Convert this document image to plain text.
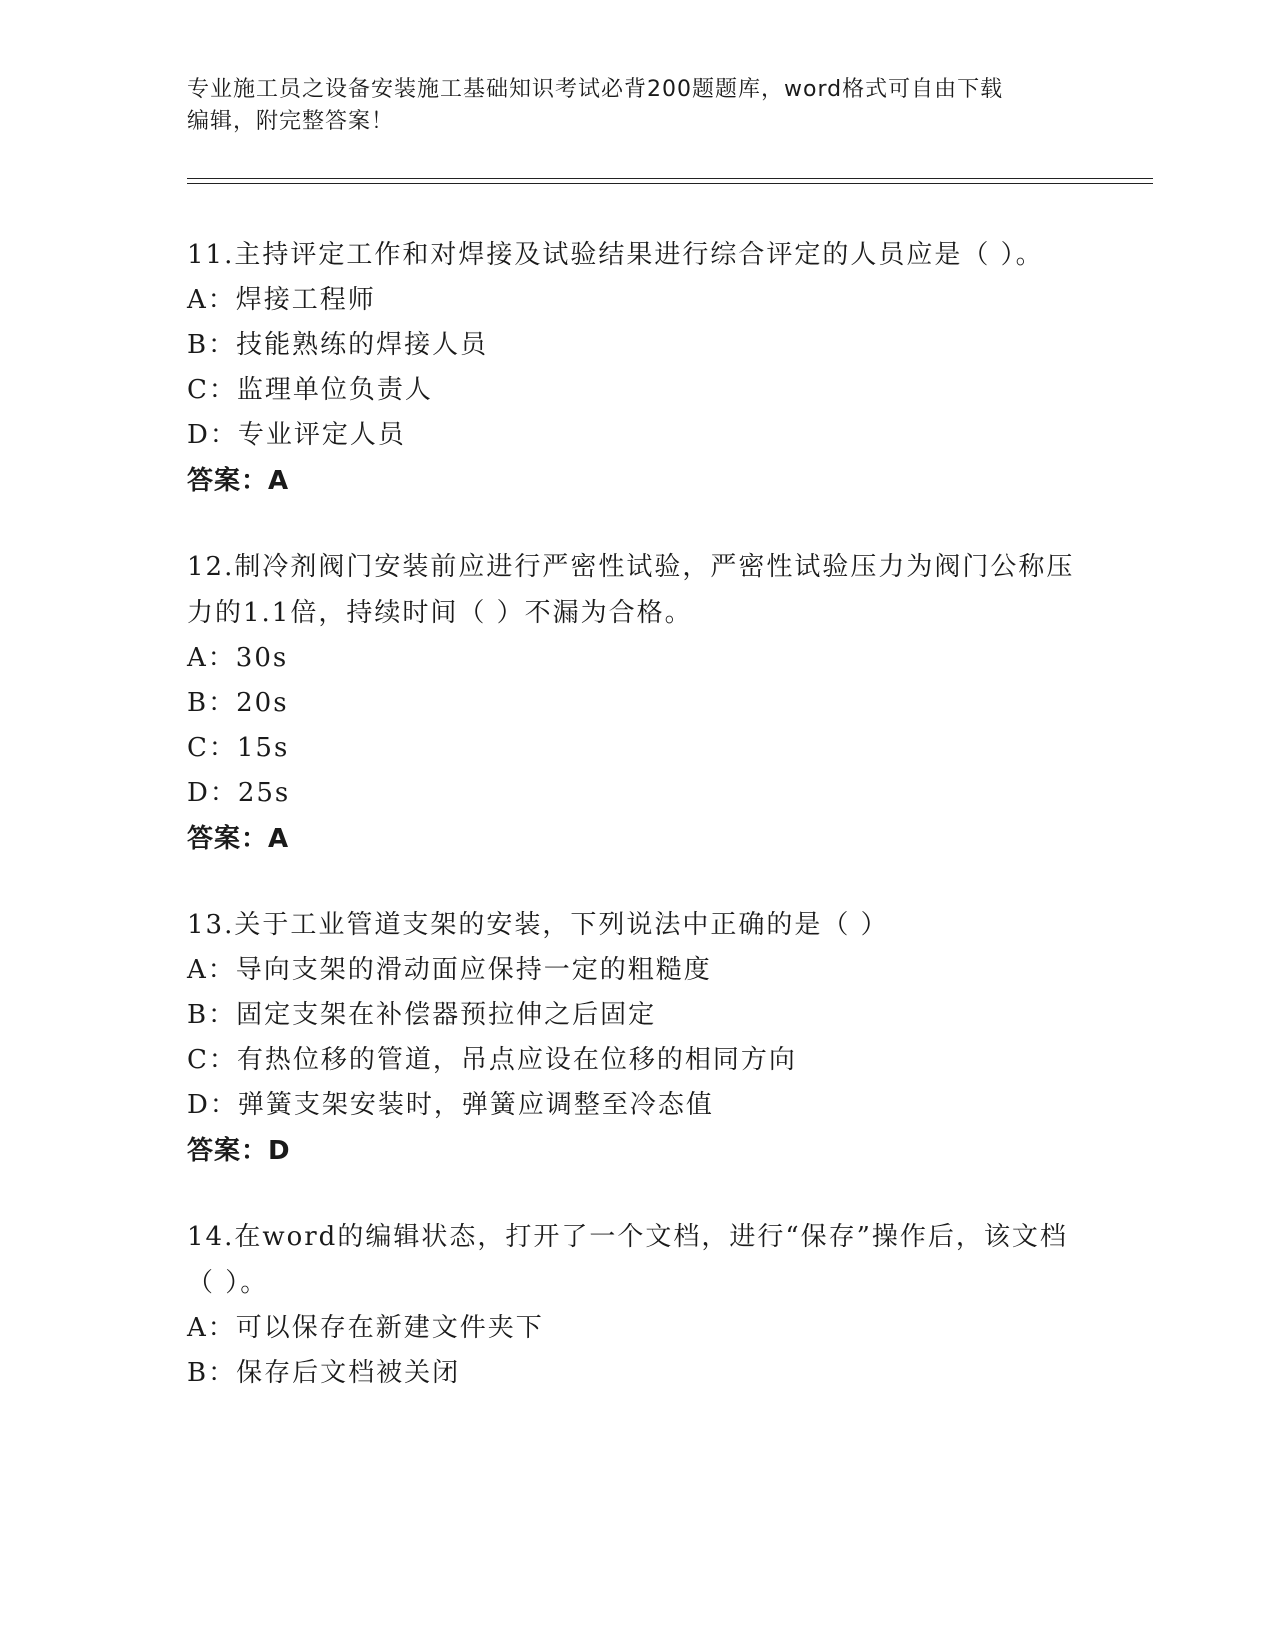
专业施工员之设备安装施工基础知识考试必背200题题库，word格式可自由下载
编辑，附完整答案！

11.主持评定工作和对焊接及试验结果进行综合评定的人员应是（ ）。

A：焊接工程师

B：技能熟练的焊接人员

C：监理单位负责人

D：专业评定人员

答案：A

12.制冷剂阀门安装前应进行严密性试验，严密性试验压力为阀门公称压力的1.1倍，持续时间（ ）不漏为合格。

A：30s

B：20s

C：15s

D：25s

答案：A

13.关于工业管道支架的安装，下列说法中正确的是（ ）

A：导向支架的滑动面应保持一定的粗糙度

B：固定支架在补偿器预拉伸之后固定

C：有热位移的管道，吊点应设在位移的相同方向

D：弹簧支架安装时，弹簧应调整至冷态值

答案：D

14.在word的编辑状态，打开了一个文档，进行“保存”操作后，该文档（ ）。

A：可以保存在新建文件夹下

B：保存后文档被关闭
